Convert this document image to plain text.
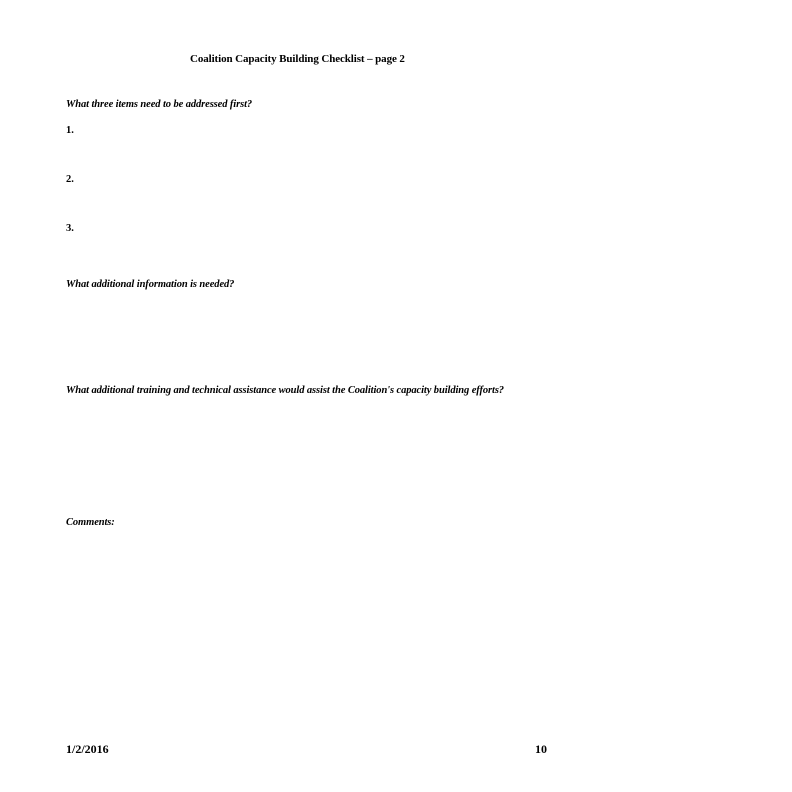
Coalition Capacity Building Checklist – page 2
What three items need to be addressed first?
1.
2.
3.
What additional information is needed?
What additional training and technical assistance would assist the Coalition's capacity building efforts?
Comments:
1/2/2016	10
